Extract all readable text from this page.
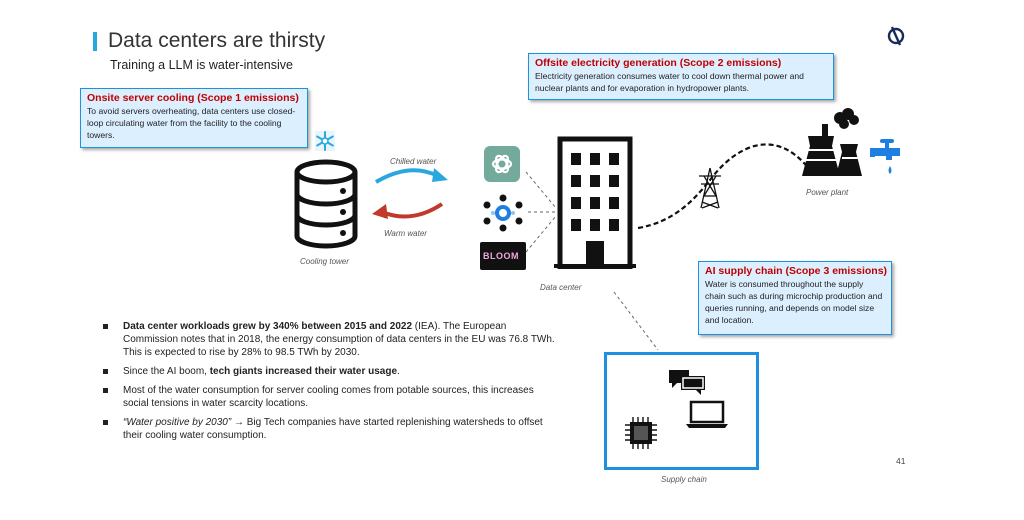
Data centers are thirsty
Training a LLM is water-intensive
Onsite server cooling (Scope 1 emissions)
To avoid servers overheating, data centers use closed-loop circulating water from the facility to the cooling towers.
Offsite electricity generation (Scope 2 emissions)
Electricity generation consumes water to cool down thermal power and nuclear plants and for evaporation in hydropower plants.
AI supply chain (Scope 3 emissions)
Water is consumed throughout the supply chain such as during microchip production and queries running, and depends on model size and location.
Cooling tower
Chilled water
Warm water
BLOOM
Data center
Power plant
Supply chain
Data center workloads grew by 340% between 2015 and 2022 (IEA). The European Commission notes that in 2018, the energy consumption of data centers in the EU was 76.8 TWh. This is expected to rise by 28% to 98.5 TWh by 2030.
Since the AI boom, tech giants increased their water usage.
Most of the water consumption for server cooling comes from potable sources, this increases social tensions in water scarcity locations.
“Water positive by 2030” → Big Tech companies have started replenishing watersheds to offset their cooling water consumption.
41
